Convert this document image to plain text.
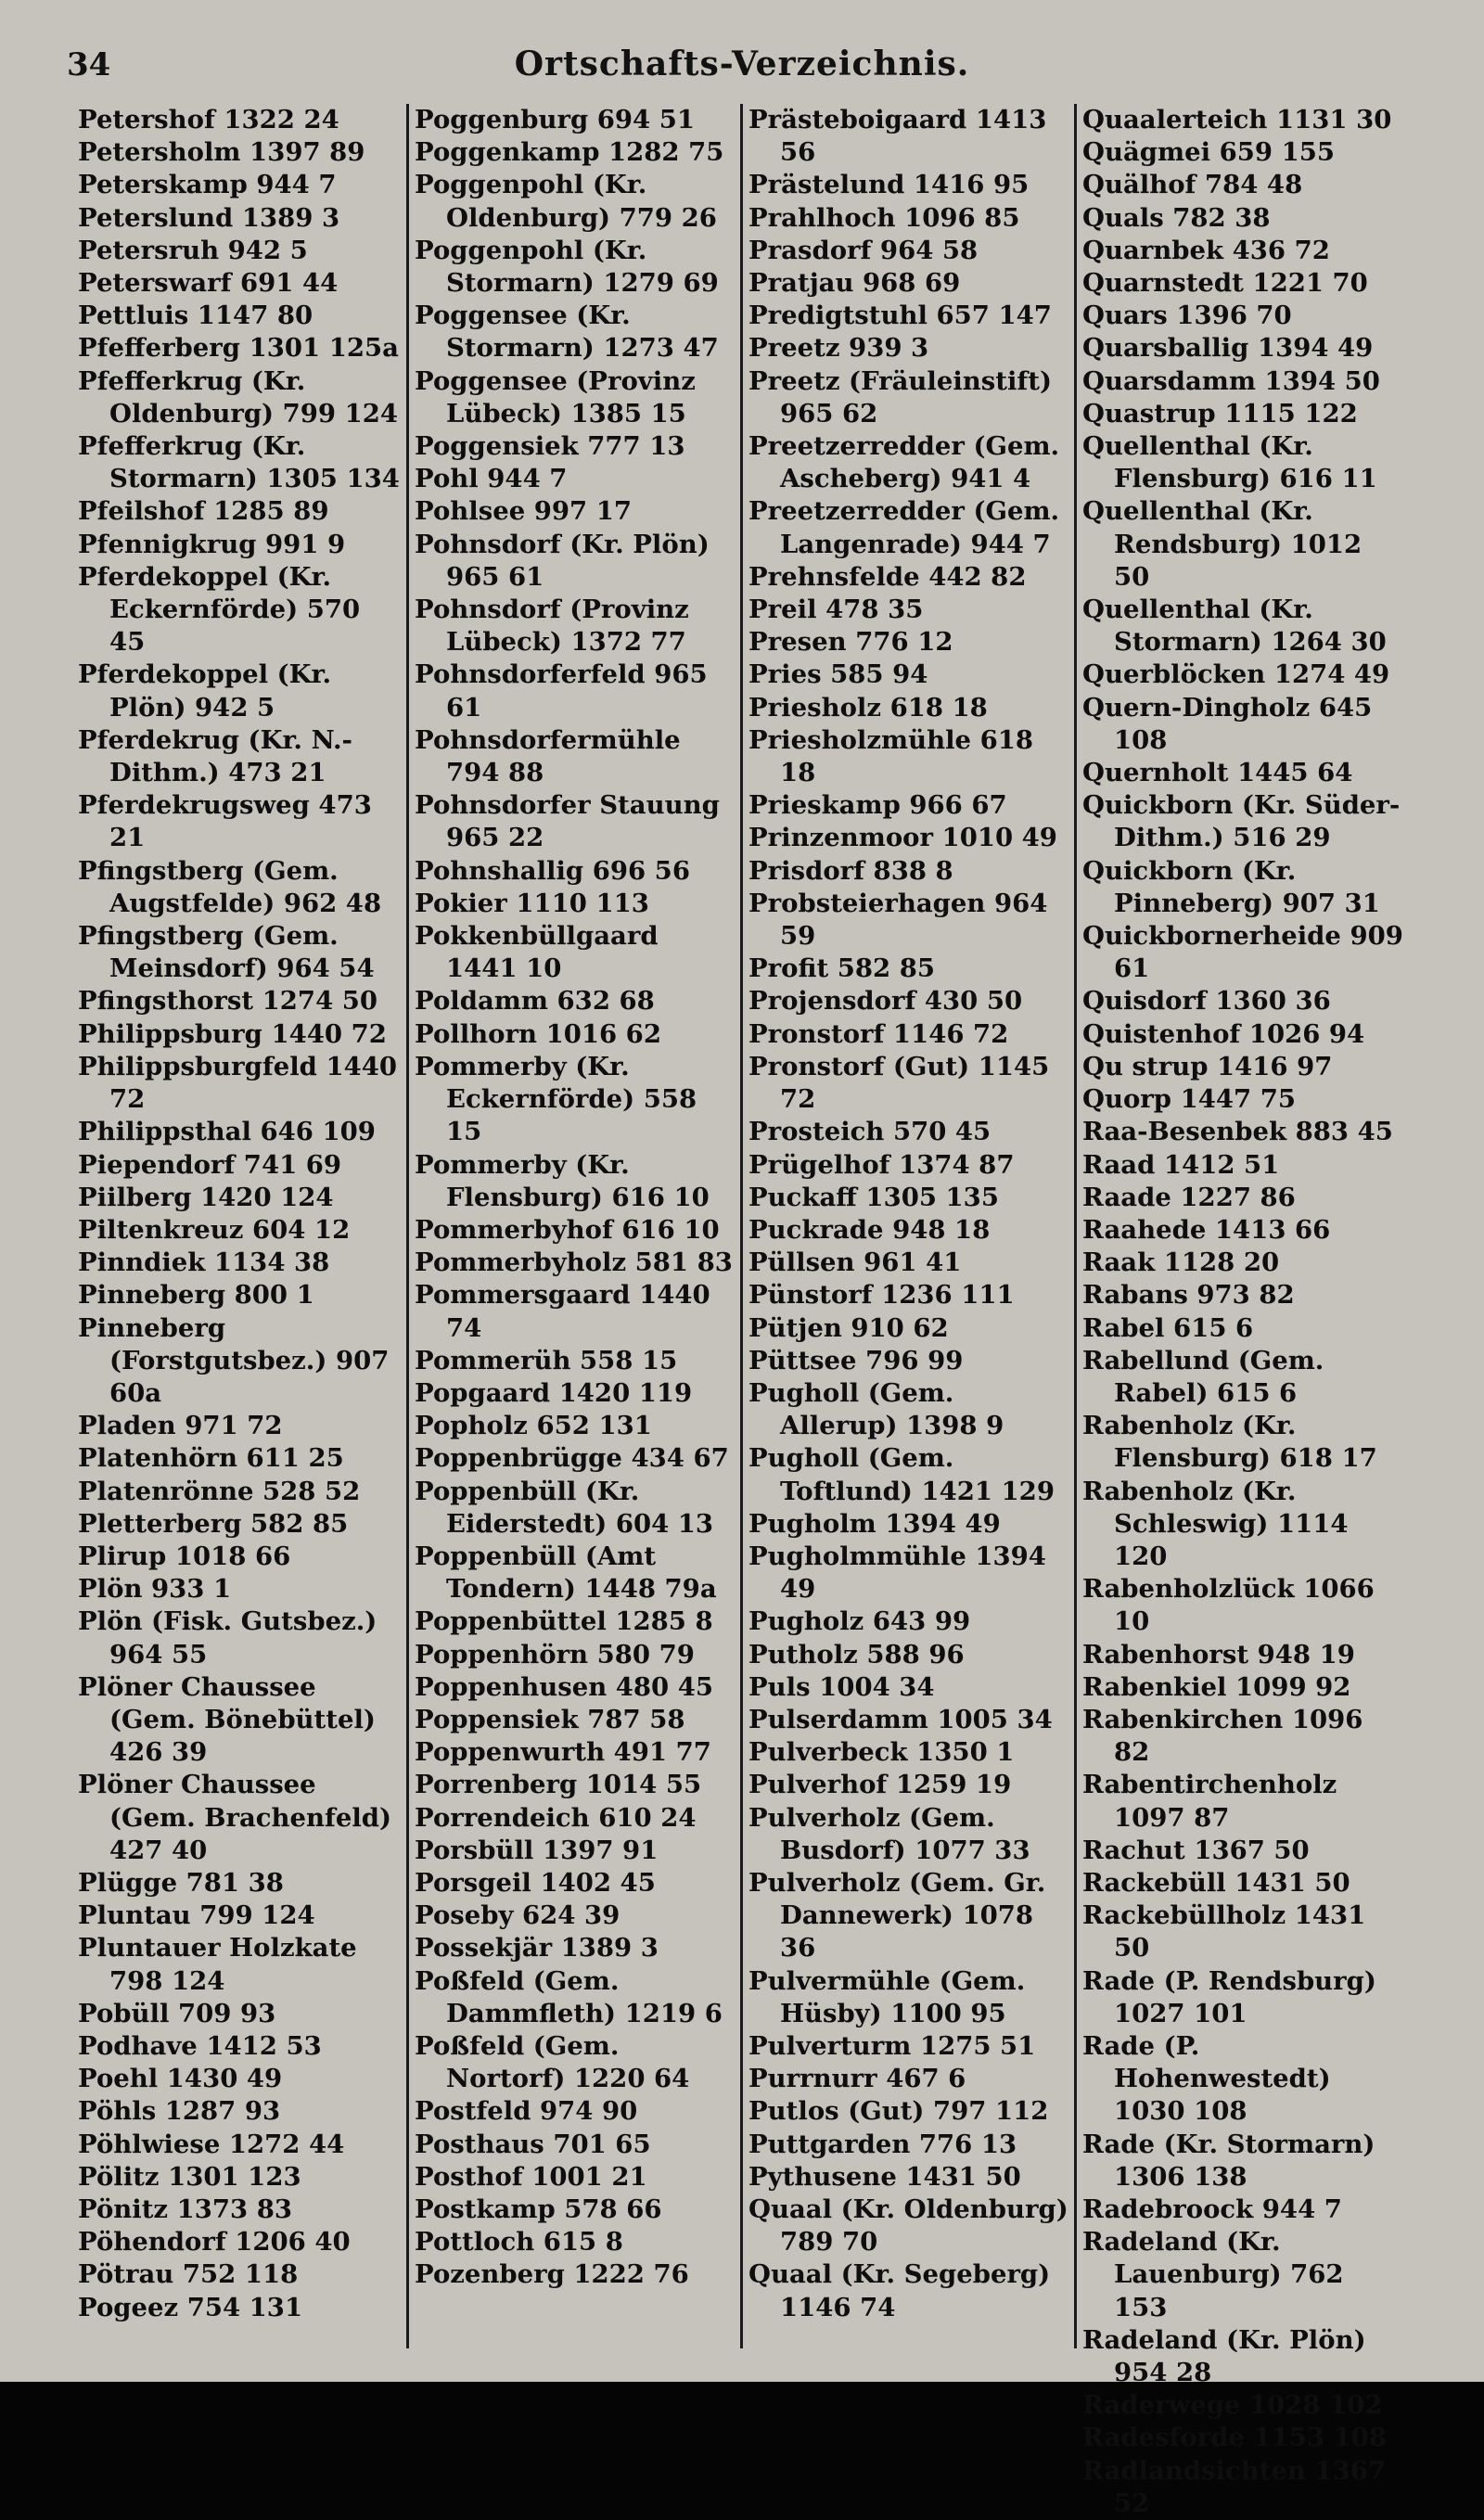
34	Ortschafts-Verzeichnis.
Petershof 1322 24
Petersholm 1397 89
Peterskamp 944 7
Peterslund 1389 3
Petersruh 942 5
Peterswarf 691 44
Pettluis 1147 80
Pfefferberg 1301 125a
Pfefferkrug (Kr. Oldenburg) 799 124
Pfefferkrug (Kr. Stormarn) 1305 134
Pfeilshof 1285 89
Pfennigkrug 991 9
Pferdekoppel (Kr. Eckernförde) 570 45
Pferdekoppel (Kr. Plön) 942 5
Pferdekrug (Kr. N.-Dithm.) 473 21
Pferdekrugsweg 473 21
Pfingstberg (Gem. Augstfelde) 962 48
Pfingstberg (Gem. Meinsdorf) 964 54
Pfingsthorst 1274 50
Philippsburg 1440 72
Philippsburgfeld 1440 72
Philippsthal 646 109
Piependorf 741 69
Piilberg 1420 124
Piltenkreuz 604 12
Pinndiek 1134 38
Pinneberg 800 1
Pinneberg (Forstgutsbez.) 907 60a
Pladen 971 72
Platenhörn 611 25
Platenrönne 528 52
Pletterberg 582 85
Plirup 1018 66
Plön 933 1
Plön (Fisk. Gutsbez.) 964 55
Plöner Chaussee (Gem. Bönebüttel) 426 39
Plöner Chaussee (Gem. Brachenfeld) 427 40
Plügge 781 38
Pluntau 799 124
Pluntauer Holzkate 798 124
Pobüll 709 93
Podhave 1412 53
Poehl 1430 49
Pöhls 1287 93
Pöhlwiese 1272 44
Pölitz 1301 123
Pönitz 1373 83
Pöhendorf 1206 40
Pötrau 752 118
Pogeez 754 131
Poggenburg 694 51
Poggenkamp 1282 75
Poggenpohl (Kr. Oldenburg) 779 26
Poggenpohl (Kr. Stormarn) 1279 69
Poggensee (Kr. Stormarn) 1273 47
Poggensee (Provinz Lübeck) 1385 15
Poggensiek 777 13
Pohl 944 7
Pohlsee 997 17
Pohnsdorf (Kr. Plön) 965 61
Pohnsdorf (Provinz Lübeck) 1372 77
Pohnsdorferfeld 965 61
Pohnsdorfermühle 794 88
Pohnsdorfer Stauung 965 22
Pohnshallig 696 56
Pokier 1110 113
Pokkenbüllgaard 1441 10
Poldamm 632 68
Pollhorn 1016 62
Pommerby (Kr. Eckernförde) 558 15
Pommerby (Kr. Flensburg) 616 10
Pommerbyhof 616 10
Pommerbyholz 581 83
Pommersgaard 1440 74
Pommerüh 558 15
Popgaard 1420 119
Popholz 652 131
Poppenbrügge 434 67
Poppenbüll (Kr. Eiderstedt) 604 13
Poppenbüll (Amt Tondern) 1448 79a
Poppenbüttel 1285 8
Poppenhörn 580 79
Poppenhusen 480 45
Poppensiek 787 58
Poppenwurth 491 77
Porrenberg 1014 55
Porrendeich 610 24
Porsbüll 1397 91
Porsgeil 1402 45
Poseby 624 39
Possekjär 1389 3
Poßfeld (Gem. Dammfleth) 1219 6
Poßfeld (Gem. Nortorf) 1220 64
Postfeld 974 90
Posthaus 701 65
Posthof 1001 21
Postkamp 578 66
Pottloch 615 8
Pozenberg 1222 76
Prästeboigaard 1413 56
Prästelund 1416 95
Prahlhoch 1096 85
Prasdorf 964 58
Pratjau 968 69
Predigtstuhl 657 147
Preetz 939 3
Preetz (Fräuleinstift) 965 62
Preetzerredder (Gem. Ascheberg) 941 4
Preetzerredder (Gem. Langenrade) 944 7
Prehnsfelde 442 82
Preil 478 35
Presen 776 12
Pries 585 94
Priesholz 618 18
Priesholzmühle 618 18
Prieskamp 966 67
Prinzenmoor 1010 49
Prisdorf 838 8
Probsteierhagen 964 59
Profit 582 85
Projensdorf 430 50
Pronstorf 1146 72
Pronstorf (Gut) 1145 72
Prosteich 570 45
Prügelhof 1374 87
Puckaff 1305 135
Puckrade 948 18
Püllsen 961 41
Pünstorf 1236 111
Pütjen 910 62
Püttsee 796 99
Pugholl (Gem. Allerup) 1398 9
Pugholl (Gem. Toftlund) 1421 129
Pugholm 1394 49
Pugholmmühle 1394 49
Pugholz 643 99
Putholz 588 96
Puls 1004 34
Pulserdamm 1005 34
Pulverbeck 1350 1
Pulverhof 1259 19
Pulverholz (Gem. Busdorf) 1077 33
Pulverholz (Gem. Gr. Dannewerk) 1078 36
Pulvermühle (Gem. Hüsby) 1100 95
Pulverturm 1275 51
Purrnurr 467 6
Putlos (Gut) 797 112
Puttgarden 776 13
Pythusene 1431 50
Quaal (Kr. Oldenburg) 789 70
Quaal (Kr. Segeberg) 1146 74
Quaalerteich 1131 30
Quägmei 659 155
Quälhof 784 48
Quals 782 38
Quarnbek 436 72
Quarnstedt 1221 70
Quars 1396 70
Quarsballig 1394 49
Quarsdamm 1394 50
Quastrup 1115 122
Quellenthal (Kr. Flensburg) 616 11
Quellenthal (Kr. Rendsburg) 1012 50
Quellenthal (Kr. Stormarn) 1264 30
Querblöcken 1274 49
Quern-Dingholz 645 108
Quernholt 1445 64
Quickborn (Kr. Süder-Dithm.) 516 29
Quickborn (Kr. Pinneberg) 907 31
Quickbornerheide 909 61
Quisdorf 1360 36
Quistenhof 1026 94
Qu strup 1416 97
Quorp 1447 75
Raa-Besenbek 883 45
Raad 1412 51
Raade 1227 86
Raahede 1413 66
Raak 1128 20
Rabans 973 82
Rabel 615 6
Rabellund (Gem. Rabel) 615 6
Rabenholz (Kr. Flensburg) 618 17
Rabenholz (Kr. Schleswig) 1114 120
Rabenholzlück 1066 10
Rabenhorst 948 19
Rabenkiel 1099 92
Rabenkirchen 1096 82
Rabentirchenholz 1097 87
Rachut 1367 50
Rackebüll 1431 50
Rackebüllholz 1431 50
Rade (P. Rendsburg) 1027 101
Rade (P. Hohenwestedt) 1030 108
Rade (Kr. Stormarn) 1306 138
Radebroock 944 7
Radeland (Kr. Lauenburg) 762 153
Radeland (Kr. Plön) 954 28
Raderwege 1028 102
Radesforde 1153 108
Radlandsichten 1367 52
